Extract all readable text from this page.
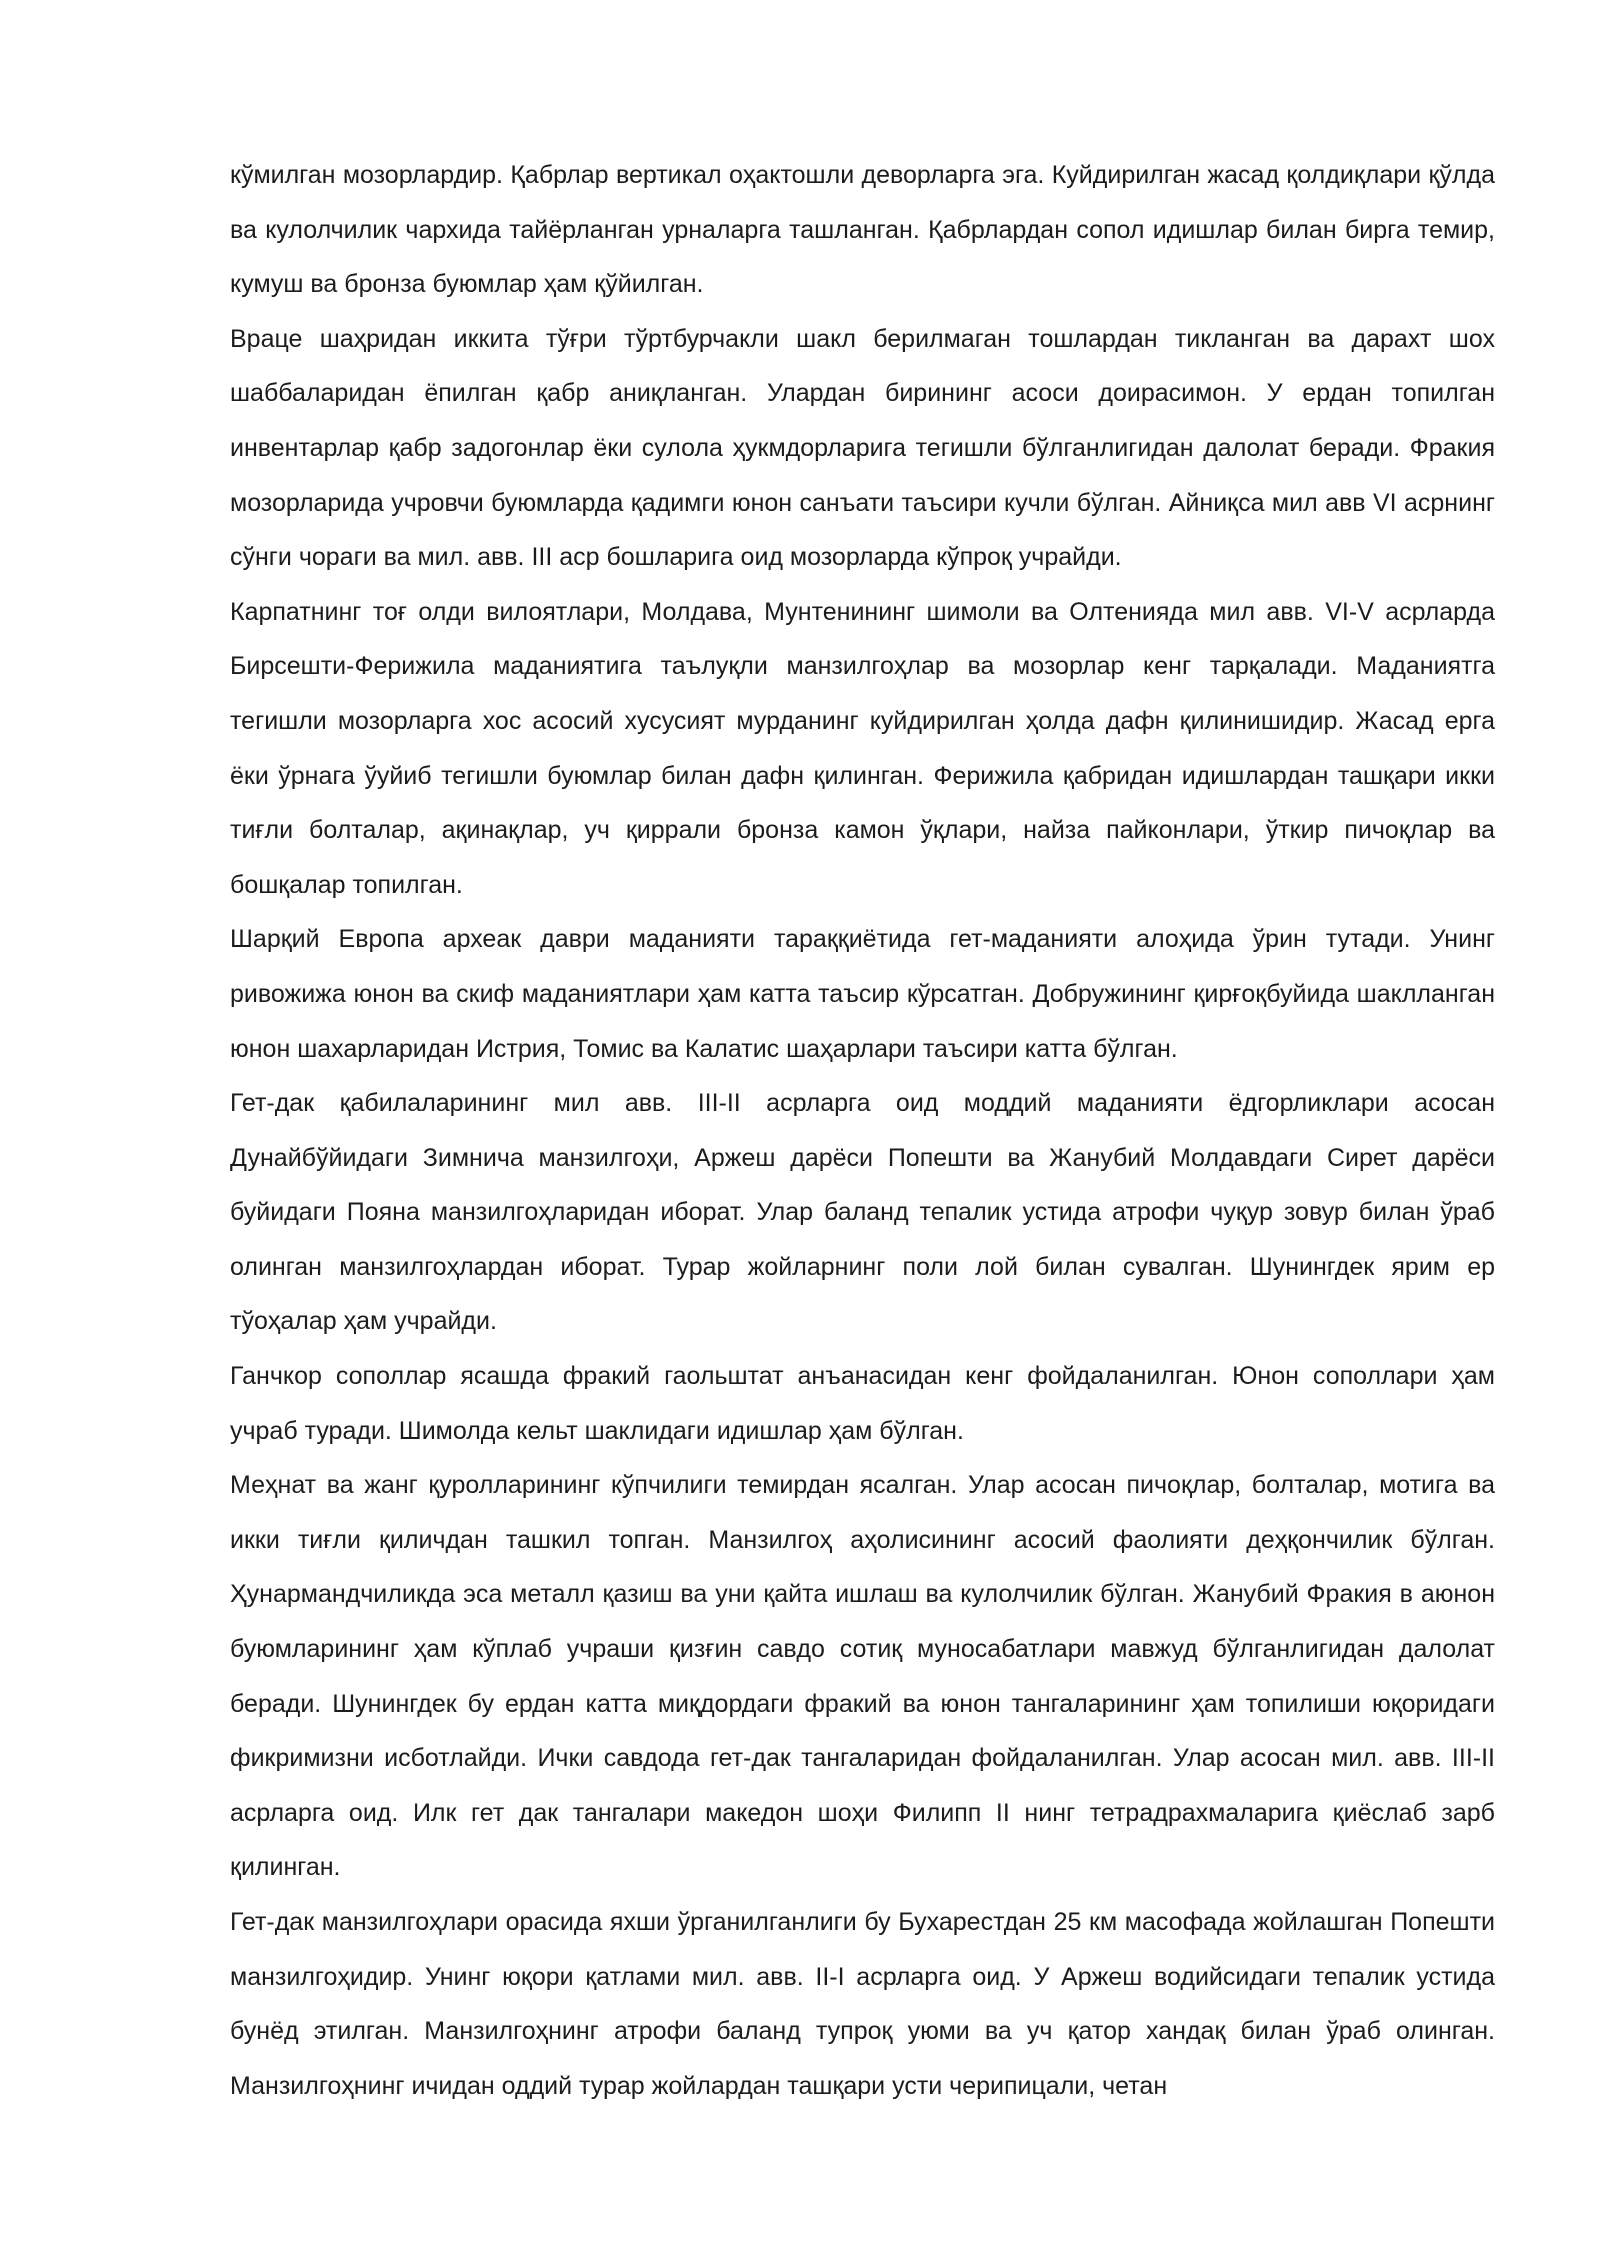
кўмилган мозорлардир. Қабрлар вертикал оҳактошли деворларга эга. Куйдирилган жасад қолдиқлари қўлда ва кулолчилик чархида тайёрланган урналарга ташланган. Қабрлардан сопол идишлар билан бирга темир, кумуш ва бронза буюмлар ҳам қўйилган.

Враце шаҳридан иккита тўғри тўртбурчакли шакл берилмаган тошлардан тикланган ва дарахт шох шаббаларидан ёпилган қабр аниқланган. Улардан бирининг асоси доирасимон. У ердан топилган инвентарлар қабр задогонлар ёки сулола ҳукмдорларига тегишли бўлганлигидан далолат беради. Фракия мозорларида учровчи буюмларда қадимги юнон санъати таъсири кучли бўлган. Айниқса мил авв VI асрнинг сўнги чораги ва мил. авв. III аср бошларига оид мозорларда кўпроқ учрайди.

Карпатнинг тоғ олди вилоятлари, Молдава, Мунтенининг шимоли ва Олтенияда мил авв. VI-V асрларда Бирсешти-Ферижила маданиятига таълуқли манзилгоҳлар ва мозорлар кенг тарқалади. Маданиятга тегишли мозорларга хос асосий хусусият мурданинг куйдирилган ҳолда дафн қилинишидир. Жасад ерга ёки ўрнага ўуйиб тегишли буюмлар билан дафн қилинган. Ферижила қабридан идишлардан ташқари икки тиғли болталар, ақинақлар, уч қиррали бронза камон ўқлари, найза пайконлари, ўткир пичоқлар ва бошқалар топилган.

Шарқий Европа археак даври маданияти тараққиётида гет-маданияти алоҳида ўрин тутади. Унинг ривожижа юнон ва скиф маданиятлари ҳам катта таъсир кўрсатган. Добружининг қирғоқбуйида шаклланган юнон шахарларидан Истрия, Томис ва Калатис шаҳарлари таъсири катта бўлган.

Гет-дак қабилаларининг мил авв. III-II асрларга оид моддий маданияти ёдгорликлари асосан Дунайбўйидаги Зимнича манзилгоҳи, Аржеш дарёси Попешти ва Жанубий Молдавдаги Сирет дарёси буйидаги Пояна манзилгоҳларидан иборат. Улар баланд тепалик устида атрофи чуқур зовур билан ўраб олинган манзилгоҳлардан иборат. Турар жойларнинг поли лой билан сувалган. Шунингдек ярим ер тўоҳалар ҳам учрайди.

Ганчкор сополлар ясашда фракий гаольштат анъанасидан кенг фойдаланилган. Юнон сополлари ҳам учраб туради. Шимолда кельт шаклидаги идишлар ҳам бўлган.

Меҳнат ва жанг қуролларининг кўпчилиги темирдан ясалган. Улар асосан пичоқлар, болталар, мотига ва икки тиғли қиличдан ташкил топган. Манзилгоҳ аҳолисининг асосий фаолияти деҳқончилик бўлган. Ҳунармандчиликда эса металл қазиш ва уни қайта ишлаш ва кулолчилик бўлган. Жанубий Фракия в аюнон буюмларининг ҳам кўплаб учраши қизғин савдо сотиқ муносабатлари мавжуд бўлганлигидан далолат беради. Шунингдек бу ердан катта миқдордаги фракий ва юнон тангаларининг ҳам топилиши юқоридаги фикримизни исботлайди. Ички савдода гет-дак тангаларидан фойдаланилган. Улар асосан мил. авв. III-II асрларга оид. Илк гет дак тангалари македон шоҳи Филипп II нинг тетрадрахмаларига қиёслаб зарб қилинган.

Гет-дак манзилгоҳлари орасида яхши ўрганилганлиги бу Бухарестдан 25 км масофада жойлашган Попешти манзилгоҳидир. Унинг юқори қатлами мил. авв. II-I асрларга оид. У Аржеш водийсидаги тепалик устида бунёд этилган. Манзилгоҳнинг атрофи баланд тупроқ уюми ва уч қатор хандақ билан ўраб олинган. Манзилгоҳнинг ичидан оддий турар жойлардан ташқари усти черипицали, четан
